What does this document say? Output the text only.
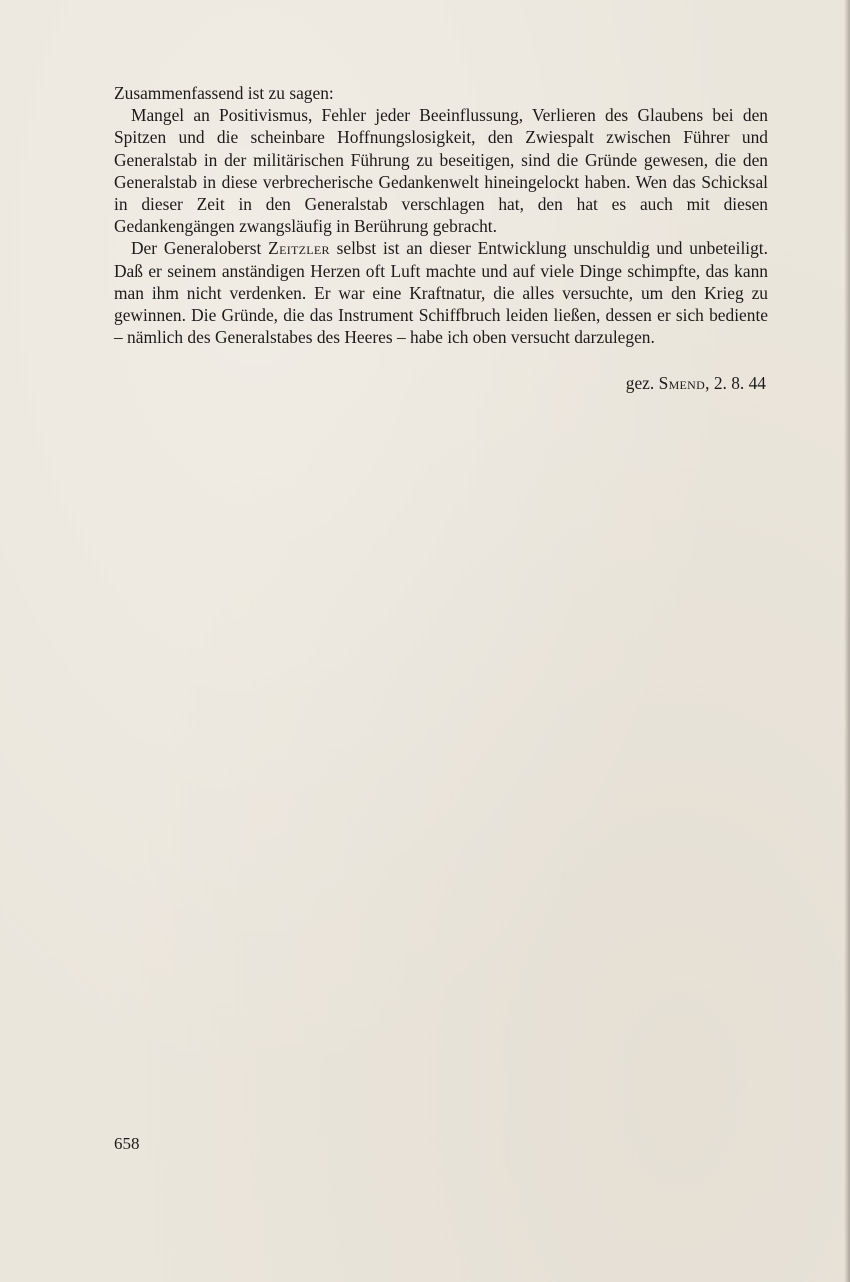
Zusammenfassend ist zu sagen:

Mangel an Positivismus, Fehler jeder Beeinflussung, Verlieren des Glaubens bei den Spitzen und die scheinbare Hoffnungslosigkeit, den Zwiespalt zwischen Führer und Generalstab in der militärischen Führung zu beseitigen, sind die Gründe gewesen, die den Generalstab in diese verbrecherische Gedankenwelt hineingelockt haben. Wen das Schicksal in dieser Zeit in den Generalstab verschlagen hat, den hat es auch mit diesen Gedankengängen zwangsläufig in Berührung gebracht.

Der Generaloberst Zeitzler selbst ist an dieser Entwicklung unschuldig und unbeteiligt. Daß er seinem anständigen Herzen oft Luft machte und auf viele Dinge schimpfte, das kann man ihm nicht verdenken. Er war eine Kraftnatur, die alles versuchte, um den Krieg zu gewinnen. Die Gründe, die das Instrument Schiffbruch leiden ließen, dessen er sich bediente – nämlich des Generalstabes des Heeres – habe ich oben versucht darzulegen.

gez. Smend, 2. 8. 44
658
